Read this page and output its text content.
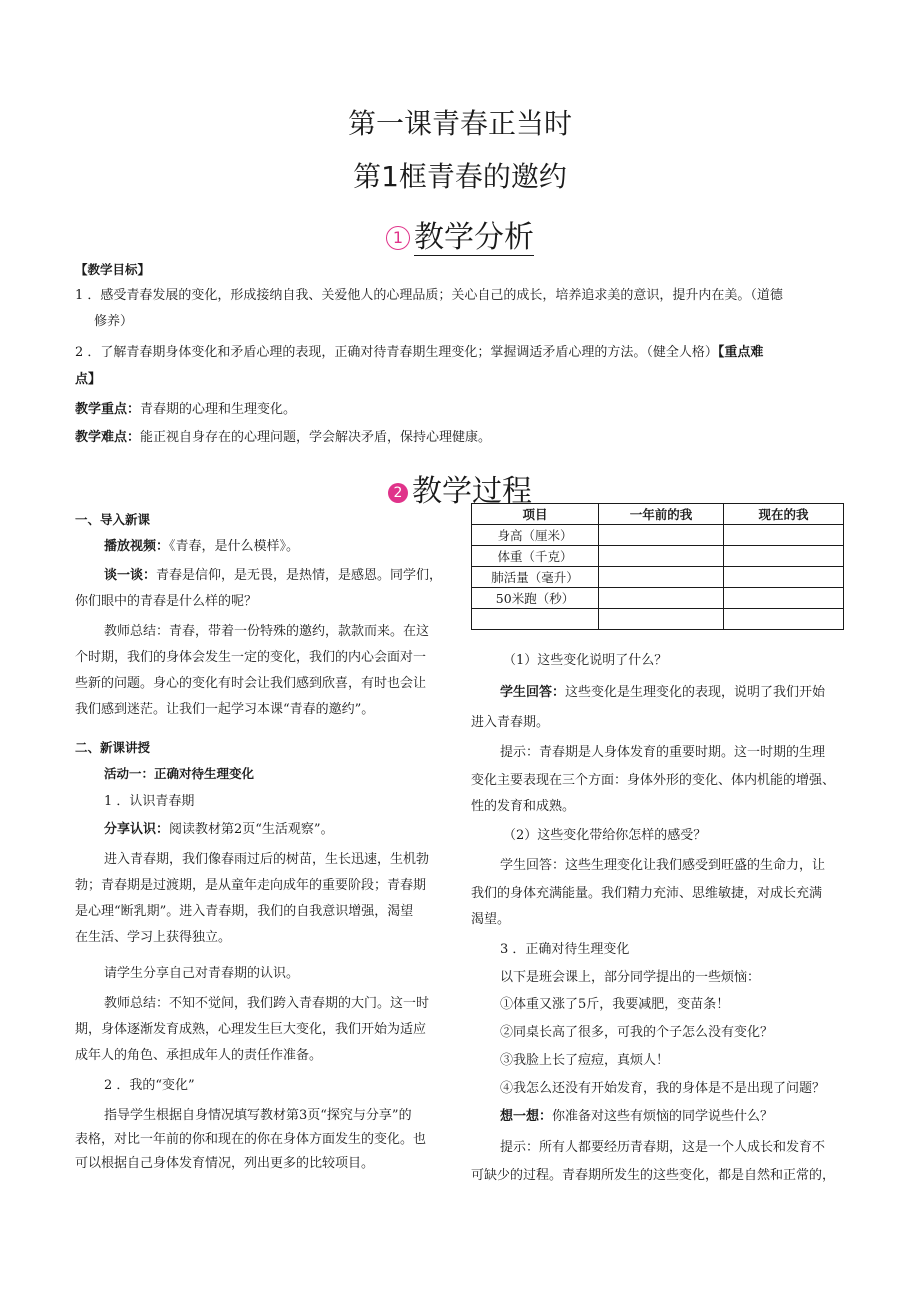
第一课青春正当时
第1框青春的邀约
1 教学分析
【教学目标】
1 ．感受青春发展的变化，形成接纳自我、关爱他人的心理品质；关心自己的成长，培养追求美的意识，提升内在美。（道德
修养）
2 ．了解青春期身体变化和矛盾心理的表现，正确对待青春期生理变化；掌握调适矛盾心理的方法。（健全人格）【重点难
点】
教学重点：青春期的心理和生理变化。
教学难点：能正视自身存在的心理问题，学会解决矛盾，保持心理健康。
2 教学过程
一、导入新课
播放视频：《青春，是什么模样》。
谈一谈：青春是信仰，是无畏，是热情，是感恩。同学们，
你们眼中的青春是什么样的呢？
教师总结：青春，带着一份特殊的邀约，款款而来。在这
个时期，我们的身体会发生一定的变化，我们的内心会面对一
些新的问题。身心的变化有时会让我们感到欣喜，有时也会让
我们感到迷茫。让我们一起学习本课“青春的邀约”。
二、新课讲授
活动一：正确对待生理变化
1 ．认识青春期
分享认识：阅读教材第2页“生活观察”。
进入青春期，我们像春雨过后的树苗，生长迅速，生机勃
勃；青春期是过渡期，是从童年走向成年的重要阶段；青春期
是心理“断乳期”。进入青春期，我们的自我意识增强，渴望
在生活、学习上获得独立。
请学生分享自己对青春期的认识。
教师总结：不知不觉间，我们跨入青春期的大门。这一时
期，身体逐渐发育成熟，心理发生巨大变化，我们开始为适应
成年人的角色、承担成年人的责任作准备。
2 ．我的“变化”
指导学生根据自身情况填写教材第3页“探究与分享”的
表格，对比一年前的你和现在的你在身体方面发生的变化。也
可以根据自己身体发育情况，列出更多的比较项目。
项目	一年前的我	现在的我
身高（厘米）		
体重（千克）		
肺活量（毫升）		
50米跑（秒）		

（1）这些变化说明了什么？
学生回答：这些变化是生理变化的表现，说明了我们开始
进入青春期。
提示：青春期是人身体发育的重要时期。这一时期的生理
变化主要表现在三个方面：身体外形的变化、体内机能的增强、
性的发育和成熟。
（2）这些变化带给你怎样的感受？
学生回答：这些生理变化让我们感受到旺盛的生命力，让
我们的身体充满能量。我们精力充沛、思维敏捷，对成长充满
渴望。
3 ．正确对待生理变化
以下是班会课上，部分同学提出的一些烦恼：
①体重又涨了5斤，我要减肥，变苗条！
②同桌长高了很多，可我的个子怎么没有变化？
③我脸上长了痘痘，真烦人！
④我怎么还没有开始发育，我的身体是不是出现了问题？
想一想：你准备对这些有烦恼的同学说些什么？
提示：所有人都要经历青春期，这是一个人成长和发育不
可缺少的过程。青春期所发生的这些变化，都是自然和正常的，
